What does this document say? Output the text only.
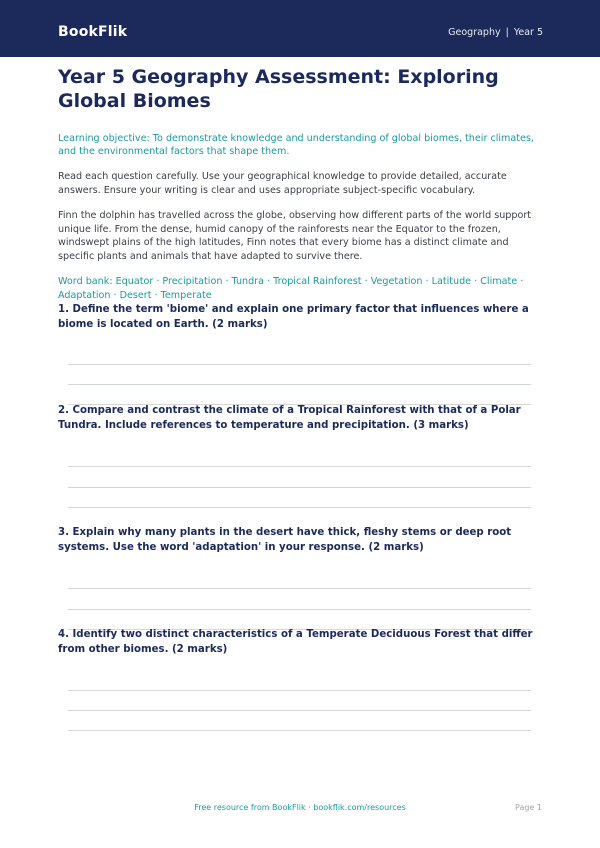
BookFlik	Geography | Year 5
Year 5 Geography Assessment: Exploring Global Biomes

Learning objective: To demonstrate knowledge and understanding of global biomes, their climates, and the environmental factors that shape them.

Read each question carefully. Use your geographical knowledge to provide detailed, accurate answers. Ensure your writing is clear and uses appropriate subject-specific vocabulary.

Finn the dolphin has travelled across the globe, observing how different parts of the world support unique life. From the dense, humid canopy of the rainforests near the Equator to the frozen, windswept plains of the high latitudes, Finn notes that every biome has a distinct climate and specific plants and animals that have adapted to survive there.

Word bank: Equator · Precipitation · Tundra · Tropical Rainforest · Vegetation · Latitude · Climate · Adaptation · Desert · Temperate

1. Define the term 'biome' and explain one primary factor that influences where a biome is located on Earth. (2 marks)

2. Compare and contrast the climate of a Tropical Rainforest with that of a Polar Tundra. Include references to temperature and precipitation. (3 marks)

3. Explain why many plants in the desert have thick, fleshy stems or deep root systems. Use the word 'adaptation' in your response. (2 marks)

4. Identify two distinct characteristics of a Temperate Deciduous Forest that differ from other biomes. (2 marks)

Free resource from BookFlik · bookflik.com/resources	Page 1
